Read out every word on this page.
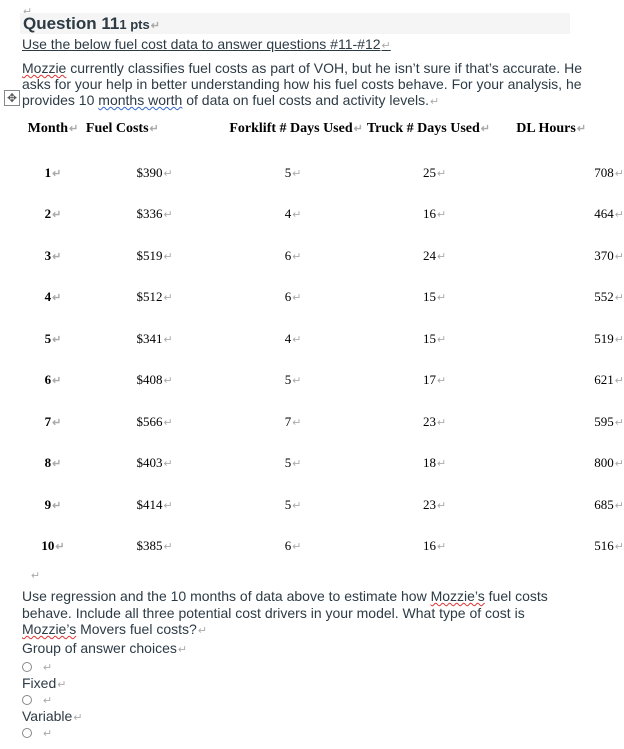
↵
Question 111 pts ↵
Use the below fuel cost data to answer questions #11-#12 ↵
Mozzie currently classifies fuel costs as part of VOH, but he isn’t sure if that’s accurate. He asks for your help in better understanding how his fuel costs behave. For your analysis, he provides 10 months worth of data on fuel costs and activity levels. ↵
✥
Month ↵	Fuel Costs ↵	Forklift # Days Used ↵	Truck # Days Used ↵	DL Hours ↵
1 ↵	$390 ↵	5 ↵	25 ↵	708 ↵
2 ↵	$336 ↵	4 ↵	16 ↵	464 ↵
3 ↵	$519 ↵	6 ↵	24 ↵	370 ↵
4 ↵	$512 ↵	6 ↵	15 ↵	552 ↵
5 ↵	$341 ↵	4 ↵	15 ↵	519 ↵
6 ↵	$408 ↵	5 ↵	17 ↵	621 ↵
7 ↵	$566 ↵	7 ↵	23 ↵	595 ↵
8 ↵	$403 ↵	5 ↵	18 ↵	800 ↵
9 ↵	$414 ↵	5 ↵	23 ↵	685 ↵
10 ↵	$385 ↵	6 ↵	16 ↵	516 ↵
↵
Use regression and the 10 months of data above to estimate how Mozzie’s fuel costs behave. Include all three potential cost drivers in your model. What type of cost is Mozzie’s Movers fuel costs? ↵
Group of answer choices ↵
↵
Fixed ↵
↵
Variable ↵
↵
